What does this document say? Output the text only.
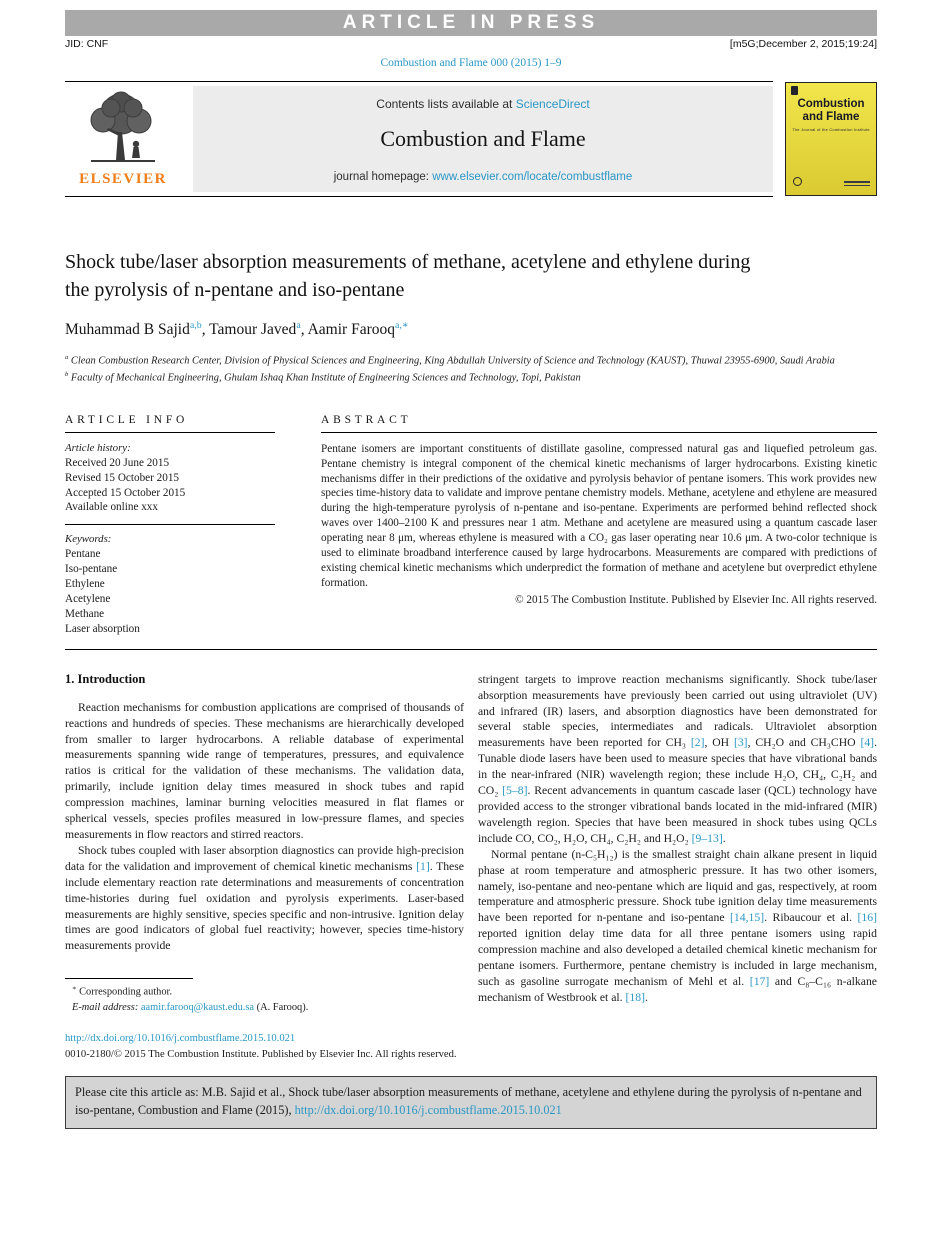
ARTICLE IN PRESS
JID: CNF	[m5G;December 2, 2015;19:24]
Combustion and Flame 000 (2015) 1–9
ELSEVIER
Contents lists available at ScienceDirect
Combustion and Flame
journal homepage: www.elsevier.com/locate/combustflame
Combustion
and Flame
The Journal of the Combustion Institute
Shock tube/laser absorption measurements of methane, acetylene and ethylene during the pyrolysis of n-pentane and iso-pentane
Muhammad B Sajid$^{a,b}$, Tamour Javed$^a$, Aamir Farooq$^{a,∗}$
$^a$ Clean Combustion Research Center, Division of Physical Sciences and Engineering, King Abdullah University of Science and Technology (KAUST), Thuwal 23955-6900, Saudi Arabia
$^b$ Faculty of Mechanical Engineering, Ghulam Ishaq Khan Institute of Engineering Sciences and Technology, Topi, Pakistan
ARTICLE INFO
Article history:
Received 20 June 2015
Revised 15 October 2015
Accepted 15 October 2015
Available online xxx
Keywords:
Pentane
Iso-pentane
Ethylene
Acetylene
Methane
Laser absorption
ABSTRACT
Pentane isomers are important constituents of distillate gasoline, compressed natural gas and liquefied petroleum gas. Pentane chemistry is integral component of the chemical kinetic mechanisms of larger hydrocarbons. Existing kinetic mechanisms differ in their predictions of the oxidative and pyrolysis behavior of pentane isomers. This work provides new species time-history data to validate and improve pentane chemistry models. Methane, acetylene and ethylene are measured during the high-temperature pyrolysis of n-pentane and iso-pentane. Experiments are performed behind reflected shock waves over 1400–2100 K and pressures near 1 atm. Methane and acetylene are measured using a quantum cascade laser operating near 8 μm, whereas ethylene is measured with a CO₂ gas laser operating near 10.6 μm. A two-color technique is used to eliminate broadband interference caused by large hydrocarbons. Measurements are compared with predictions of existing chemical kinetic mechanisms which underpredict the formation of methane and acetylene but overpredict ethylene formation.
© 2015 The Combustion Institute. Published by Elsevier Inc. All rights reserved.
1. Introduction

Reaction mechanisms for combustion applications are comprised of thousands of reactions and hundreds of species. These mechanisms are hierarchically developed from smaller to larger hydrocarbons. A reliable database of experimental measurements spanning wide range of temperatures, pressures, and equivalence ratios is critical for the validation of these mechanisms. The validation data, primarily, include ignition delay times measured in shock tubes and rapid compression machines, laminar burning velocities measured in flat flames or spherical vessels, species profiles measured in low-pressure flames, and species measurements in flow reactors and stirred reactors.

Shock tubes coupled with laser absorption diagnostics can provide high-precision data for the validation and improvement of chemical kinetic mechanisms [1]. These include elementary reaction rate determinations and measurements of concentration time-histories during fuel oxidation and pyrolysis experiments. Laser-based measurements are highly sensitive, species specific and non-intrusive. Ignition delay times are good indicators of global fuel reactivity; however, species time-history measurements provide

∗ Corresponding author.
E-mail address: aamir.farooq@kaust.edu.sa (A. Farooq).

stringent targets to improve reaction mechanisms significantly. Shock tube/laser absorption measurements have previously been carried out using ultraviolet (UV) and infrared (IR) lasers, and absorption diagnostics have been demonstrated for several stable species, intermediates and radicals. Ultraviolet absorption measurements have been reported for CH₃ [2], OH [3], CH₂O and CH₃CHO [4]. Tunable diode lasers have been used to measure species that have vibrational bands in the near-infrared (NIR) wavelength region; these include H₂O, CH₄, C₂H₂ and CO₂ [5–8]. Recent advancements in quantum cascade laser (QCL) technology have provided access to the stronger vibrational bands located in the mid-infrared (MIR) wavelength region. Species that have been measured in shock tubes using QCLs include CO, CO₂, H₂O, CH₄, C₂H₂ and H₂O₂ [9–13].

Normal pentane (n-C₅H₁₂) is the smallest straight chain alkane present in liquid phase at room temperature and atmospheric pressure. It has two other isomers, namely, iso-pentane and neo-pentane which are liquid and gas, respectively, at room temperature and atmospheric pressure. Shock tube ignition delay time measurements have been reported for n-pentane and iso-pentane [14,15]. Ribaucour et al. [16] reported ignition delay time data for all three pentane isomers using rapid compression machine and also developed a detailed chemical kinetic mechanism for pentane isomers. Furthermore, pentane chemistry is included in large mechanism, such as gasoline surrogate mechanism of Mehl et al. [17] and C₈–C₁₆ n-alkane mechanism of Westbrook et al. [18].

http://dx.doi.org/10.1016/j.combustflame.2015.10.021
0010-2180/© 2015 The Combustion Institute. Published by Elsevier Inc. All rights reserved.
Please cite this article as: M.B. Sajid et al., Shock tube/laser absorption measurements of methane, acetylene and ethylene during the pyrolysis of n-pentane and iso-pentane, Combustion and Flame (2015), http://dx.doi.org/10.1016/j.combustflame.2015.10.021
